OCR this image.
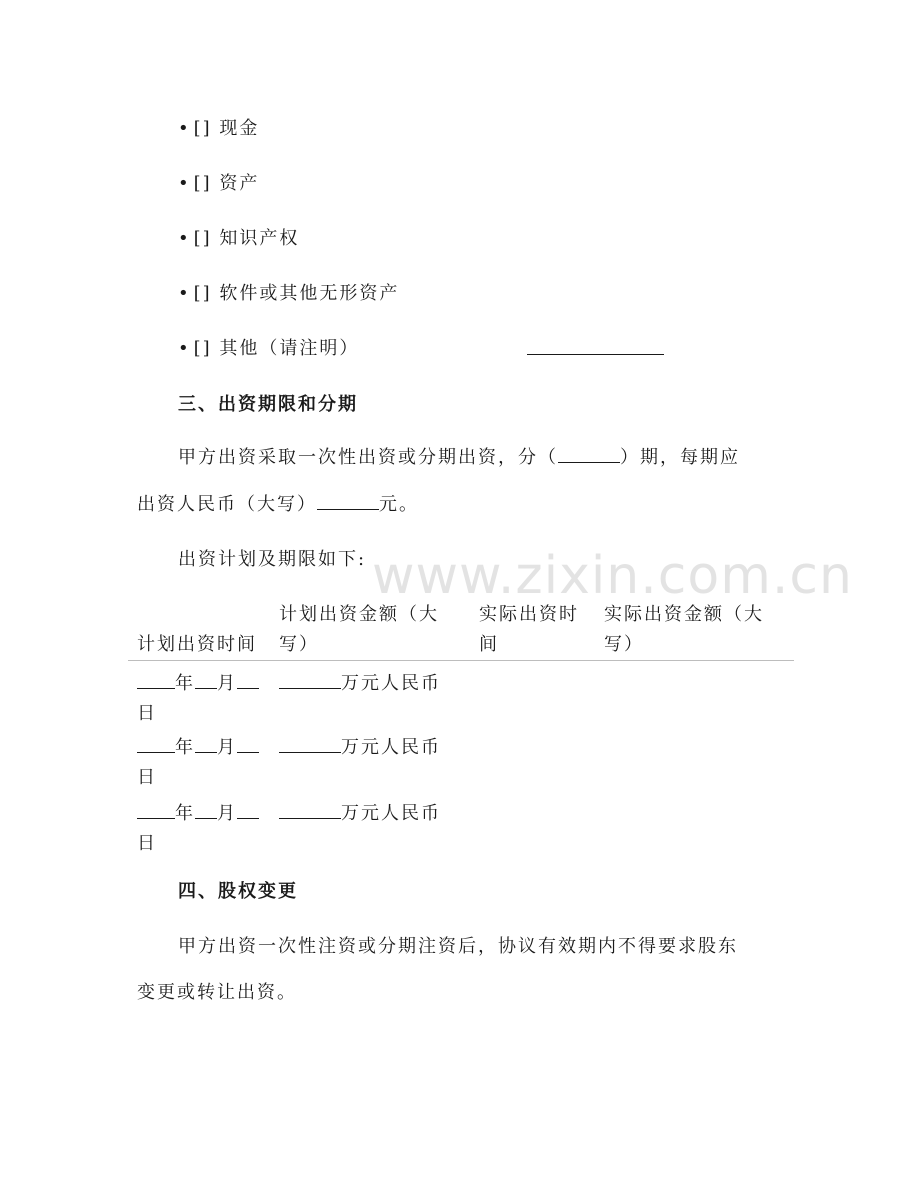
www.zixin.com.cn
• [] 现金
• [] 资产
• [] 知识产权
• [] 软件或其他无形资产
• [] 其他（请注明）
三、出资期限和分期
甲方出资采取一次性出资或分期出资，分（	）期，每期应
出资人民币（大写）	元。
出资计划及期限如下:
计划出资时间
计划出资金额（大
写）
实际出资时
间
实际出资金额（大
写）
年 月
日
万元人民币
年 月
日
万元人民币
年 月
日
万元人民币
四、股权变更
甲方出资一次性注资或分期注资后，协议有效期内不得要求股东
变更或转让出资。
